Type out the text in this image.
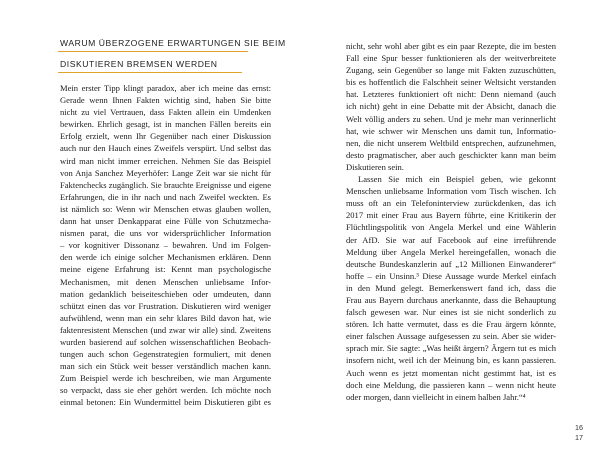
WARUM ÜBERZOGENE ERWARTUNGEN SIE BEIM
DISKUTIEREN BREMSEN WERDEN
Mein erster Tipp klingt paradox, aber ich meine das ernst:
Gerade wenn Ihnen Fakten wichtig sind, haben Sie bitte
nicht zu viel Vertrauen, dass Fakten allein ein Umdenken
bewirken. Ehrlich gesagt, ist in manchen Fällen bereits ein
Erfolg erzielt, wenn Ihr Gegenüber nach einer Diskussion
auch nur den Hauch eines Zweifels verspürt. Und selbst das
wird man nicht immer erreichen. Nehmen Sie das Beispiel
von Anja Sanchez Meyerhöfer: Lange Zeit war sie nicht für
Faktenchecks zugänglich. Sie brauchte Ereignisse und eigene
Erfahrungen, die in ihr nach und nach Zweifel weckten. Es
ist nämlich so: Wenn wir Menschen etwas glauben wollen,
dann hat unser Denkapparat eine Fülle von Schutzmecha-
nismen parat, die uns vor widersprüchlicher Information
– vor kognitiver Dissonanz – bewahren. Und im Folgen-
den werde ich einige solcher Mechanismen erklären. Denn
meine eigene Erfahrung ist: Kennt man psychologische
Mechanismen, mit denen Menschen unliebsame Infor-
mation gedanklich beiseiteschieben oder umdeuten, dann
schützt einen das vor Frustration. Diskutieren wird weniger
aufwühlend, wenn man ein sehr klares Bild davon hat, wie
faktenresistent Menschen (und zwar wir alle) sind. Zweitens
wurden basierend auf solchen wissenschaftlichen Beobach-
tungen auch schon Gegenstrategien formuliert, mit denen
man sich ein Stück weit besser verständlich machen kann.
Zum Beispiel werde ich beschreiben, wie man Argumente
so verpackt, dass sie eher gehört werden. Ich möchte noch
einmal betonen: Ein Wundermittel beim Diskutieren gibt es
nicht, sehr wohl aber gibt es ein paar Rezepte, die im besten
Fall eine Spur besser funktionieren als der weitverbreitete
Zugang, sein Gegenüber so lange mit Fakten zuzuschütten,
bis es hoffentlich die Falschheit seiner Weltsicht verstanden
hat. Letzteres funktioniert oft nicht: Denn niemand (auch
ich nicht) geht in eine Debatte mit der Absicht, danach die
Welt völlig anders zu sehen. Und je mehr man verinnerlicht
hat, wie schwer wir Menschen uns damit tun, Informatio-
nen, die nicht unserem Weltbild entsprechen, aufzunehmen,
desto pragmatischer, aber auch geschickter kann man beim
Diskutieren sein.
Lassen Sie mich ein Beispiel geben, wie gekonnt
Menschen unliebsame Information vom Tisch wischen. Ich
muss oft an ein Telefoninterview zurückdenken, das ich
2017 mit einer Frau aus Bayern führte, eine Kritikerin der
Flüchtlingspolitik von Angela Merkel und eine Wählerin
der AfD. Sie war auf Facebook auf eine irreführende
Meldung über Angela Merkel hereingefallen, wonach die
deutsche Bundeskanzlerin auf „12 Millionen Einwanderer“
hoffe – ein Unsinn.³ Diese Aussage wurde Merkel einfach
in den Mund gelegt. Bemerkenswert fand ich, dass die
Frau aus Bayern durchaus anerkannte, dass die Behauptung
falsch gewesen war. Nur eines ist sie nicht sonderlich zu
stören. Ich hatte vermutet, dass es die Frau ärgern könnte,
einer falschen Aussage aufgesessen zu sein. Aber sie wider-
sprach mir. Sie sagte: „Was heißt ärgern? Ärgern tut es mich
insofern nicht, weil ich der Meinung bin, es kann passieren.
Auch wenn es jetzt momentan nicht gestimmt hat, ist es
doch eine Meldung, die passieren kann – wenn nicht heute
oder morgen, dann vielleicht in einem halben Jahr.“⁴
16
17
